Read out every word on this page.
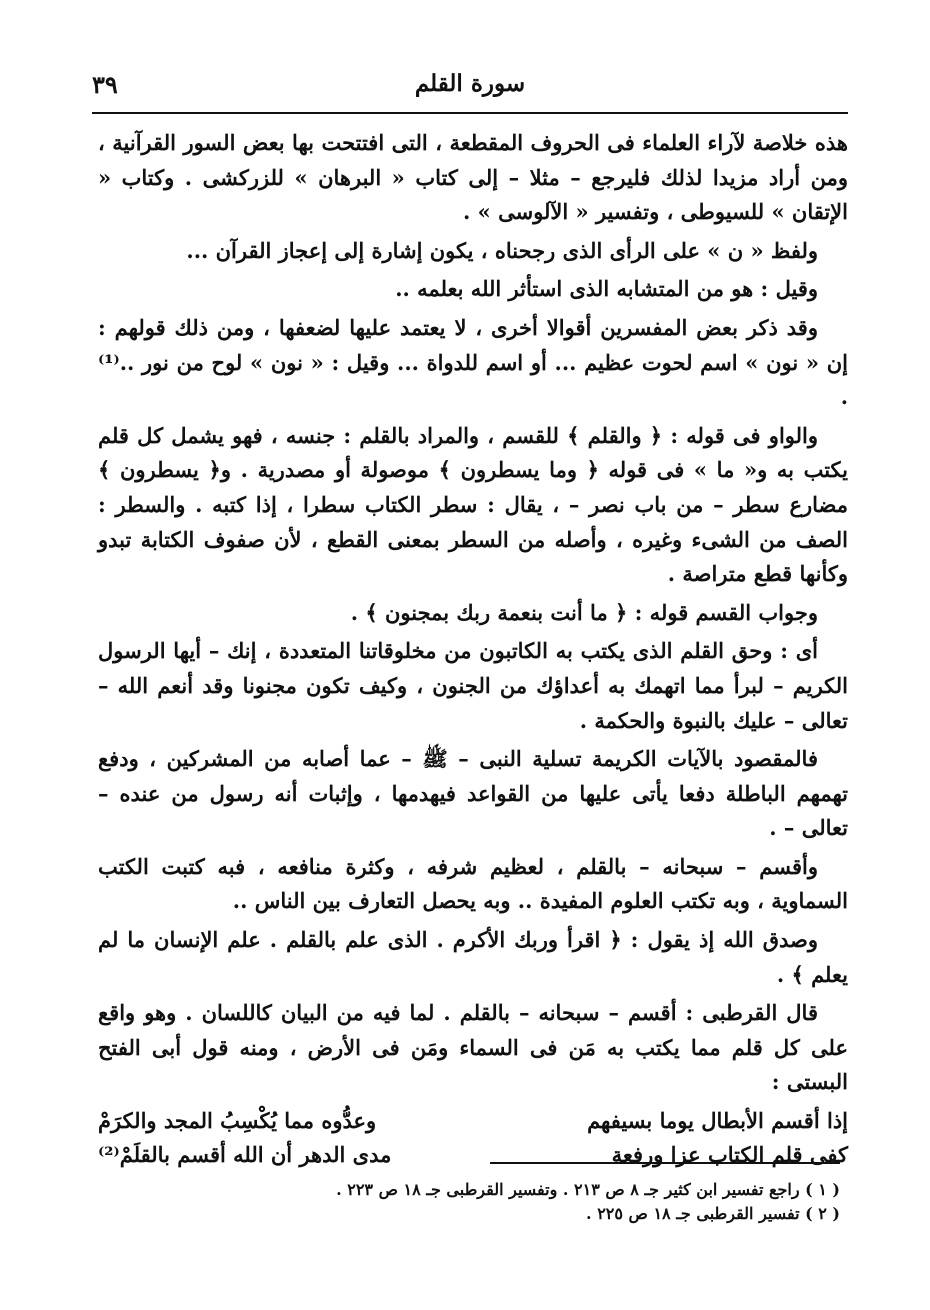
٣٩	سورة القلم

هذه خلاصة لآراء العلماء فى الحروف المقطعة ، التى افتتحت بها بعض السور القرآنية ، ومن أراد مزيدا لذلك فليرجع – مثلا – إلى كتاب « البرهان » للزركشى . وكتاب « الإتقان » للسيوطى ، وتفسير « الآلوسى » .

ولفظ « ن » على الرأى الذى رجحناه ، يكون إشارة إلى إعجاز القرآن ...

وقيل : هو من المتشابه الذى استأثر الله بعلمه ..

وقد ذكر بعض المفسرين أقوالا أخرى ، لا يعتمد عليها لضعفها ، ومن ذلك قولهم : إن « نون » اسم لحوت عظيم ... أو اسم للدواة ... وقيل : « نون » لوح من نور ..⁽¹⁾ .

والواو فى قوله : ﴿ والقلم ﴾ للقسم ، والمراد بالقلم : جنسه ، فهو يشمل كل قلم يكتب به و« ما » فى قوله ﴿ وما يسطرون ﴾ موصولة أو مصدرية . و﴿ يسطرون ﴾ مضارع سطر – من باب نصر – ، يقال : سطر الكتاب سطرا ، إذا كتبه . والسطر : الصف من الشىء وغيره ، وأصله من السطر بمعنى القطع ، لأن صفوف الكتابة تبدو وكأنها قطع متراصة .

وجواب القسم قوله : ﴿ ما أنت بنعمة ربك بمجنون ﴾ .

أى : وحق القلم الذى يكتب به الكاتبون من مخلوقاتنا المتعددة ، إنك – أيها الرسول الكريم – لبرأ مما اتهمك به أعداؤك من الجنون ، وكيف تكون مجنونا وقد أنعم الله – تعالى – عليك بالنبوة والحكمة .

فالمقصود بالآيات الكريمة تسلية النبى – ﷺ – عما أصابه من المشركين ، ودفع تهمهم الباطلة دفعا يأتى عليها من القواعد فيهدمها ، وإثبات أنه رسول من عنده – تعالى – .

وأقسم – سبحانه – بالقلم ، لعظيم شرفه ، وكثرة منافعه ، فبه كتبت الكتب السماوية ، وبه تكتب العلوم المفيدة .. وبه يحصل التعارف بين الناس ..

وصدق الله إذ يقول : ﴿ اقرأ وربك الأكرم . الذى علم بالقلم . علم الإنسان ما لم يعلم ﴾ .

قال القرطبى : أقسم – سبحانه – بالقلم . لما فيه من البيان كاللسان . وهو واقع على كل قلم مما يكتب به مَن فى السماء ومَن فى الأرض ، ومنه قول أبى الفتح البستى :

إذا أقسم الأبطال يوما بسيفهم
وعدُّوه مما يُكْسِبُ المجد والكرَمْ
كفى قلم الكتاب عزا ورفعة
مدى الدهر أن الله أقسم بالقلَمْ⁽²⁾
( ١ ) راجع تفسير ابن كثير جـ ٨ ص ٢١٣ . وتفسير القرطبى جـ ١٨ ص ٢٢٣ .
( ٢ ) تفسير القرطبى جـ ١٨ ص ٢٢٥ .
